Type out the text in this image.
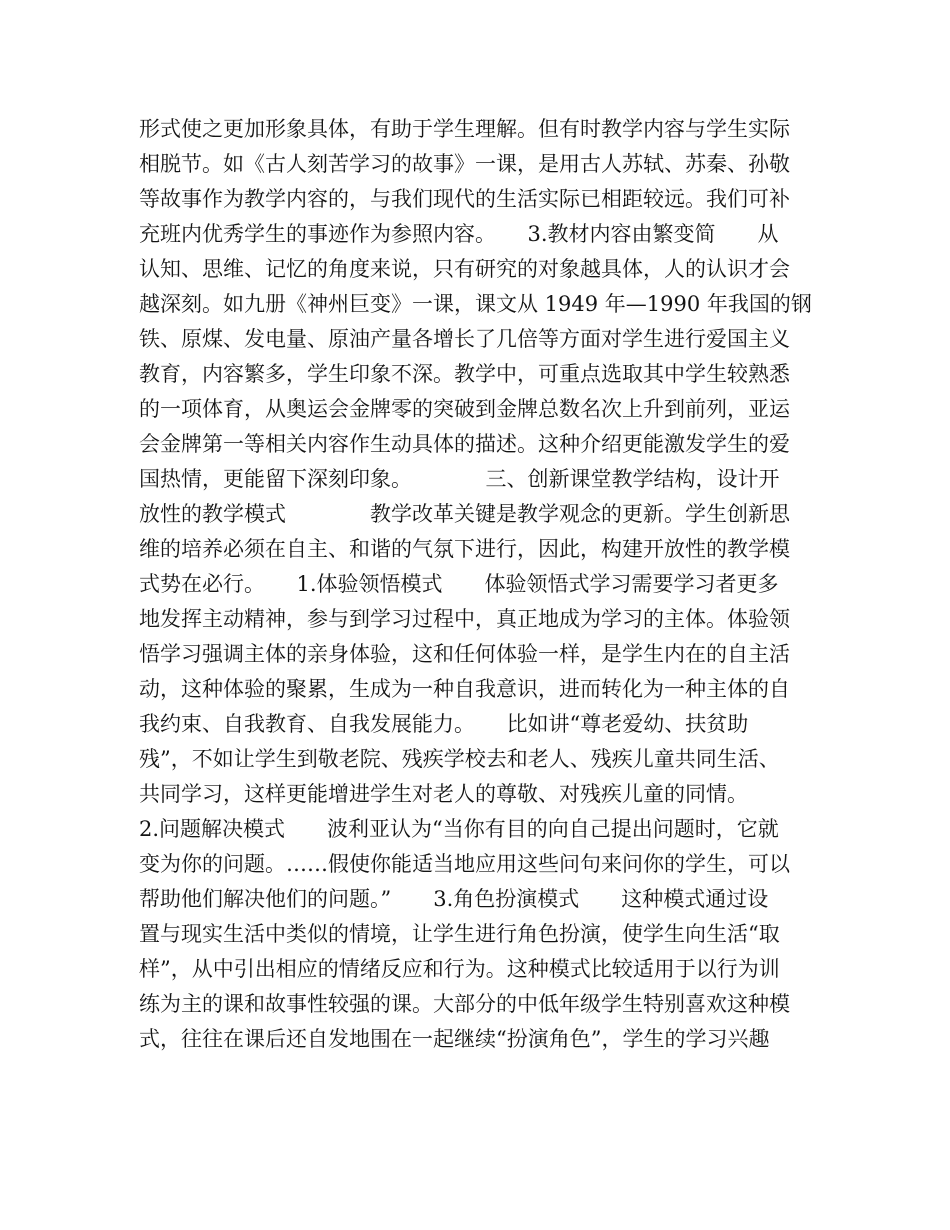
形式使之更加形象具体，有助于学生理解。但有时教学内容与学生实际
相脱节。如《古人刻苦学习的故事》一课，是用古人苏轼、苏秦、孙敬
等故事作为教学内容的，与我们现代的生活实际已相距较远。我们可补
充班内优秀学生的事迹作为参照内容。　　3.教材内容由繁变简　　从
认知、思维、记忆的角度来说，只有研究的对象越具体，人的认识才会
越深刻。如九册《神州巨变》一课，课文从 1949 年—1990 年我国的钢
铁、原煤、发电量、原油产量各增长了几倍等方面对学生进行爱国主义
教育，内容繁多，学生印象不深。教学中，可重点选取其中学生较熟悉
的一项体育，从奥运会金牌零的突破到金牌总数名次上升到前列，亚运
会金牌第一等相关内容作生动具体的描述。这种介绍更能激发学生的爱
国热情，更能留下深刻印象。　　　　三、创新课堂教学结构，设计开
放性的教学模式　　　　教学改革关键是教学观念的更新。学生创新思
维的培养必须在自主、和谐的气氛下进行，因此，构建开放性的教学模
式势在必行。　　1.体验领悟模式　　体验领悟式学习需要学习者更多
地发挥主动精神，参与到学习过程中，真正地成为学习的主体。体验领
悟学习强调主体的亲身体验，这和任何体验一样，是学生内在的自主活
动，这种体验的聚累，生成为一种自我意识，进而转化为一种主体的自
我约束、自我教育、自我发展能力。　　比如讲“尊老爱幼、扶贫助
残”，不如让学生到敬老院、残疾学校去和老人、残疾儿童共同生活、
共同学习，这样更能增进学生对老人的尊敬、对残疾儿童的同情。
2.问题解决模式　　波利亚认为“当你有目的向自己提出问题时，它就
变为你的问题。……假使你能适当地应用这些问句来问你的学生，可以
帮助他们解决他们的问题。”　　3.角色扮演模式　　这种模式通过设
置与现实生活中类似的情境，让学生进行角色扮演，使学生向生活“取
样”，从中引出相应的情绪反应和行为。这种模式比较适用于以行为训
练为主的课和故事性较强的课。大部分的中低年级学生特别喜欢这种模
式，往往在课后还自发地围在一起继续“扮演角色”，学生的学习兴趣
